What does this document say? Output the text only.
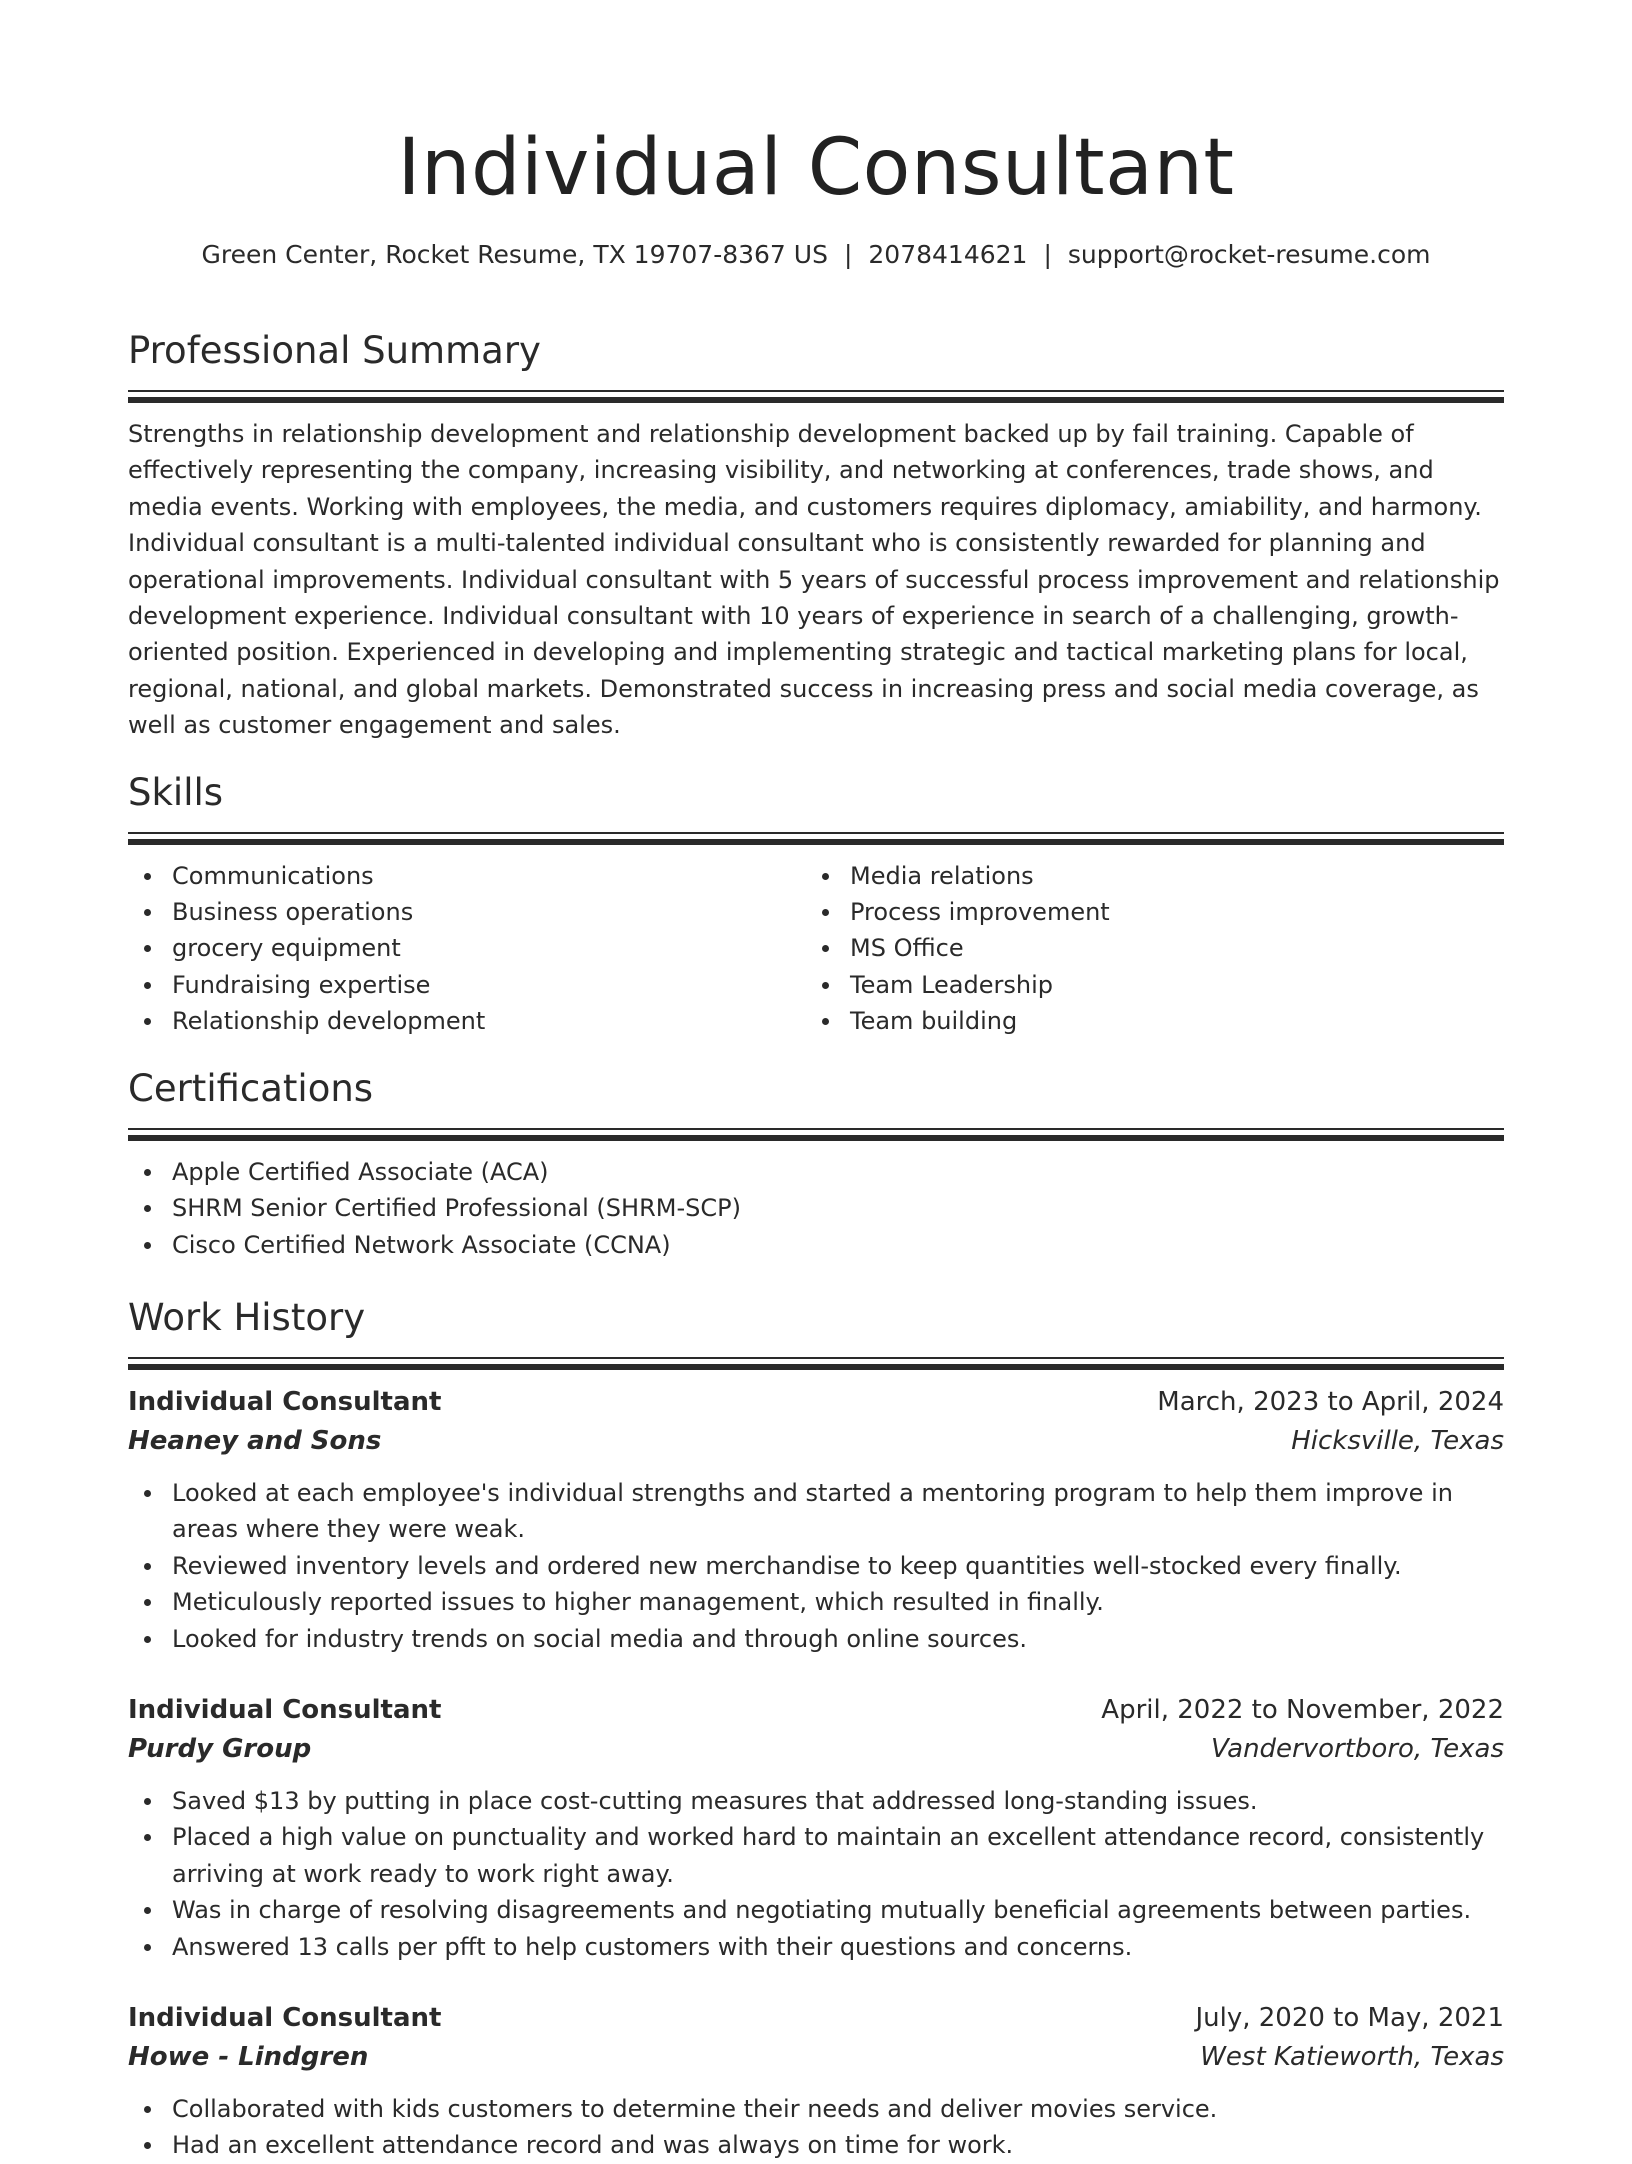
Individual Consultant
Green Center, Rocket Resume, TX 19707-8367 US | 2078414621 | support@rocket-resume.com
Professional Summary

Strengths in relationship development and relationship development backed up by fail training. Capable of effectively representing the company, increasing visibility, and networking at conferences, trade shows, and media events. Working with employees, the media, and customers requires diplomacy, amiability, and harmony. Individual consultant is a multi-talented individual consultant who is consistently rewarded for planning and operational improvements. Individual consultant with 5 years of successful process improvement and relationship development experience. Individual consultant with 10 years of experience in search of a challenging, growth-oriented position. Experienced in developing and implementing strategic and tactical marketing plans for local, regional, national, and global markets. Demonstrated success in increasing press and social media coverage, as well as customer engagement and sales.

Skills
Communications
Business operations
grocery equipment
Fundraising expertise
Relationship development
Media relations
Process improvement
MS Office
Team Leadership
Team building
Certifications
Apple Certified Associate (ACA)
SHRM Senior Certified Professional (SHRM-SCP)
Cisco Certified Network Associate (CCNA)
Work History
Individual Consultant	March, 2023 to April, 2024
Heaney and Sons	Hicksville, Texas
Looked at each employee's individual strengths and started a mentoring program to help them improve in areas where they were weak.
Reviewed inventory levels and ordered new merchandise to keep quantities well-stocked every finally.
Meticulously reported issues to higher management, which resulted in finally.
Looked for industry trends on social media and through online sources.
Individual Consultant	April, 2022 to November, 2022
Purdy Group	Vandervortboro, Texas
Saved $13 by putting in place cost-cutting measures that addressed long-standing issues.
Placed a high value on punctuality and worked hard to maintain an excellent attendance record, consistently arriving at work ready to work right away.
Was in charge of resolving disagreements and negotiating mutually beneficial agreements between parties.
Answered 13 calls per pfft to help customers with their questions and concerns.
Individual Consultant	July, 2020 to May, 2021
Howe - Lindgren	West Katieworth, Texas
Collaborated with kids customers to determine their needs and deliver movies service.
Had an excellent attendance record and was always on time for work.
